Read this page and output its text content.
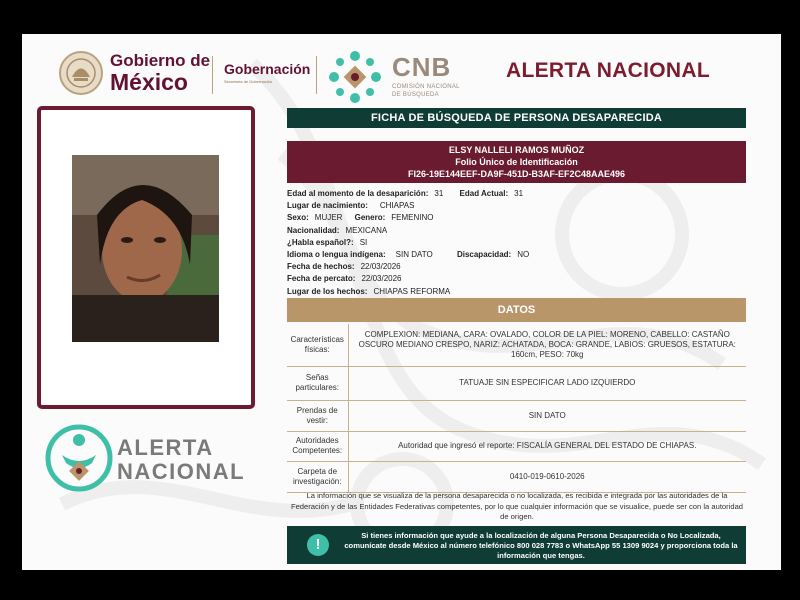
Gobierno de
México	Gobernación
Secretaría de Gobernación	CNB
COMISIÓN NACIONAL
DE BÚSQUEDA
ALERTA NACIONAL
ALERTA
NACIONAL
FICHA DE BÚSQUEDA DE PERSONA DESAPARECIDA
ELSY NALLELI RAMOS MUÑOZ
Folio Único de Identificación
FI26-19E144EEF-DA9F-451D-B3AF-EF2C48AAE496
Edad al momento de la desaparición: 31 Edad Actual: 31
Lugar de nacimiento: CHIAPAS
Sexo: MUJER Genero: FEMENINO
Nacionalidad: MEXICANA
¿Habla español?: SI
Idioma o lengua indígena: SIN DATO	Discapacidad: NO
Fecha de hechos: 22/03/2026
Fecha de percato: 22/03/2026
Lugar de los hechos: CHIAPAS REFORMA
DATOS
Características físicas:	COMPLEXION: MEDIANA, CARA: OVALADO, COLOR DE LA PIEL: MORENO, CABELLO: CASTAÑO OSCURO MEDIANO CRESPO, NARIZ: ACHATADA, BOCA: GRANDE, LABIOS: GRUESOS, ESTATURA: 160cm, PESO: 70kg
Señas particulares:	TATUAJE SIN ESPECIFICAR LADO IZQUIERDO
Prendas de vestir:	SIN DATO
Autoridades Competentes:	Autoridad que ingresó el reporte: FISCALÍA GENERAL DEL ESTADO DE CHIAPAS.
Carpeta de investigación:	0410-019-0610-2026
La información que se visualiza de la persona desaparecida o no localizada, es recibida e integrada por las autoridades de la Federación y de las Entidades Federativas competentes, por lo que cualquier información que se visualice, puede ser con la autoridad de origen.
!
Si tienes información que ayude a la localización de alguna Persona Desaparecida o No Localizada, comunícate desde México al número telefónico 800 028 7783 o WhatsApp 55 1309 9024 y proporciona toda la información que tengas.
